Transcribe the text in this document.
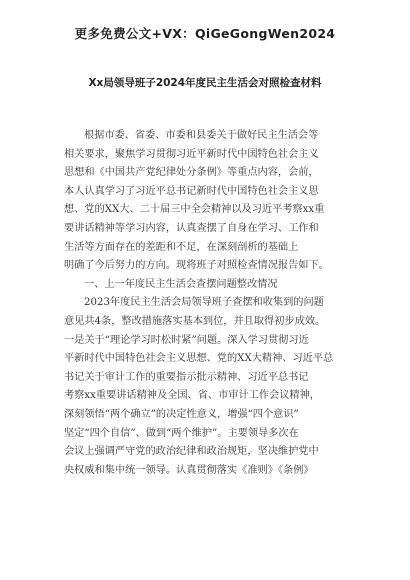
更多免费公文+VX：QiGeGongWen2024
Xx局领导班子2024年度民主生活会对照检查材料
根据市委、省委、市委和县委关于做好民主生活会等
相关要求，聚焦学习贯彻习近平新时代中国特色社会主义
思想和《中国共产党纪律处分条例》等重点内容，会前，
本人认真学习了习近平总书记新时代中国特色社会主义思
想、党的XX大、二十届三中全会精神以及习近平考察xx重
要讲话精神等学习内容，认真查摆了自身在学习、工作和
生活等方面存在的差距和不足，在深刻剖析的基础上
明确了今后努力的方向。现将班子对照检查情况报告如下。
一、上一年度民主生活会查摆问题整改情况
2023年度民主生活会局领导班子查摆和收集到的问题
意见共4条，整改措施落实基本到位，并且取得初步成效。
一是关于“理论学习时松时紧”问题。深入学习贯彻习近
平新时代中国特色社会主义思想、党的XX大精神、习近平总
书记关于审计工作的重要指示批示精神、习近平总书记
考察xx重要讲话精神及全国、省、市审计工作会议精神，
深刻领悟“两个确立”的决定性意义，增强“四个意识”
坚定“四个自信”、做到“两个维护”。主要领导多次在
会议上强调严守党的政治纪律和政治规矩，坚决维护党中
央权威和集中统一领导。认真贯彻落实《准则》《条例》
